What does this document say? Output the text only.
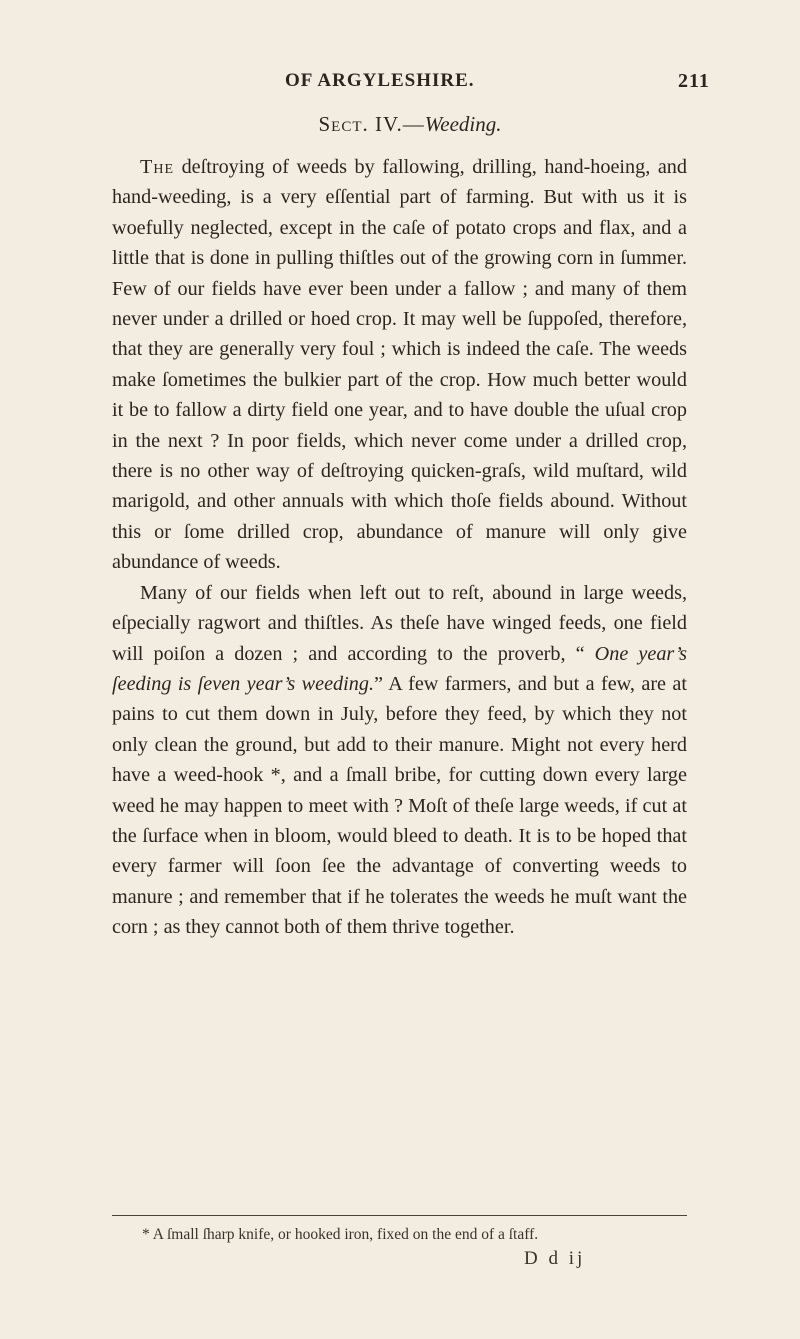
OF ARGYLESHIRE.	211
Sect. IV.—Weeding.

The deſtroying of weeds by fallowing, drilling, hand-hoeing, and hand-weeding, is a very eſſential part of farming. But with us it is woefully neglected, except in the caſe of potato crops and flax, and a little that is done in pulling thiſtles out of the growing corn in ſummer. Few of our fields have ever been under a fallow ; and many of them never under a drilled or hoed crop. It may well be ſuppoſed, therefore, that they are generally very foul ; which is indeed the caſe. The weeds make ſometimes the bulkier part of the crop. How much better would it be to fallow a dirty field one year, and to have double the uſual crop in the next ? In poor fields, which never come under a drilled crop, there is no other way of deſtroying quicken-graſs, wild muſtard, wild marigold, and other annuals with which thoſe fields abound. Without this or ſome drilled crop, abundance of manure will only give abundance of weeds.

Many of our fields when left out to reſt, abound in large weeds, eſpecially ragwort and thiſtles. As theſe have winged feeds, one field will poiſon a dozen ; and according to the proverb, “ One year’s ſeeding is ſeven year’s weeding.” A few farmers, and but a few, are at pains to cut them down in July, before they feed, by which they not only clean the ground, but add to their manure. Might not every herd have a weed-hook *, and a ſmall bribe, for cutting down every large weed he may happen to meet with ? Moſt of theſe large weeds, if cut at the ſurface when in bloom, would bleed to death. It is to be hoped that every farmer will ſoon ſee the advantage of converting weeds to manure ; and remember that if he tolerates the weeds he muſt want the corn ; as they cannot both of them thrive together.

* A ſmall ſharp knife, or hooked iron, fixed on the end of a ſtaff.
D d ij
